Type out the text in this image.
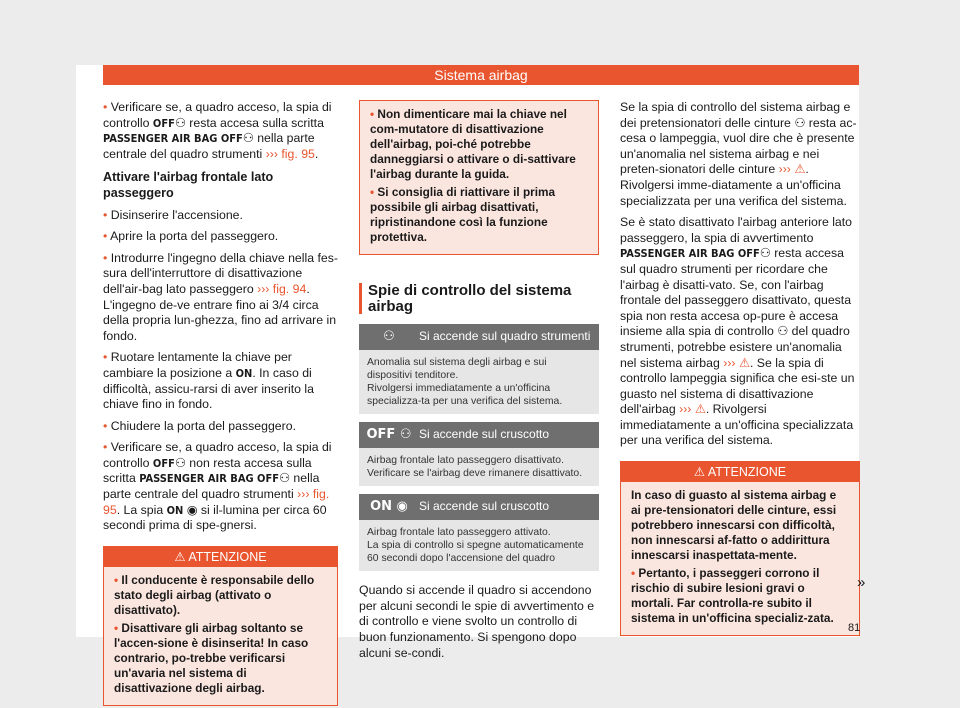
Sistema airbag

• Verificare se, a quadro acceso, la spia di controllo OFF⚇ resta accesa sulla scritta PASSENGER AIR BAG OFF⚇ nella parte centrale del quadro strumenti ››› fig. 95.

Attivare l'airbag frontale lato passeggero

• Disinserire l'accensione.

• Aprire la porta del passeggero.

• Introdurre l'ingegno della chiave nella fes-sura dell'interruttore di disattivazione dell'air-bag lato passeggero ››› fig. 94. L'ingegno de-ve entrare fino ai 3/4 circa della propria lun-ghezza, fino ad arrivare in fondo.

• Ruotare lentamente la chiave per cambiare la posizione a ON. In caso di difficoltà, assicu-rarsi di aver inserito la chiave fino in fondo.

• Chiudere la porta del passeggero.

• Verificare se, a quadro acceso, la spia di controllo OFF⚇ non resta accesa sulla scritta PASSENGER AIR BAG OFF⚇ nella parte centrale del quadro strumenti ››› fig. 95. La spia ON ◉ si il-lumina per circa 60 secondi prima di spe-gnersi.

⚠ ATTENZIONE

• Il conducente è responsabile dello stato degli airbag (attivato o disattivato).

• Disattivare gli airbag soltanto se l'accen-sione è disinserita! In caso contrario, po-trebbe verificarsi un'avaria nel sistema di disattivazione degli airbag.

• Non dimenticare mai la chiave nel com-mutatore di disattivazione dell'airbag, poi-ché potrebbe danneggiarsi o attivare o di-sattivare l'airbag durante la guida.

• Si consiglia di riattivare il prima possibile gli airbag disattivati, ripristinandone così la funzione protettiva.

Spie di controllo del sistema airbag
⚇	Si accende sul quadro strumenti
Anomalia sul sistema degli airbag e sui dispositivi tenditore.
Rivolgersi immediatamente a un'officina specializza-ta per una verifica del sistema.
OFF ⚇ Si accende sul cruscotto
Airbag frontale lato passeggero disattivato.
Verificare se l'airbag deve rimanere disattivato.
ON ◉ Si accende sul cruscotto
Airbag frontale lato passeggero attivato.
La spia di controllo si spegne automaticamente 60 secondi dopo l'accensione del quadro

Quando si accende il quadro si accendono per alcuni secondi le spie di avvertimento e di controllo e viene svolto un controllo di buon funzionamento. Si spengono dopo alcuni se-condi.

Se la spia di controllo del sistema airbag e dei pretensionatori delle cinture ⚇ resta ac-cesa o lampeggia, vuol dire che è presente un'anomalia nel sistema airbag e nei preten-sionatori delle cinture ››› ⚠. Rivolgersi imme-diatamente a un'officina specializzata per una verifica del sistema.

Se è stato disattivato l'airbag anteriore lato passeggero, la spia di avvertimento PASSENGER AIR BAG OFF⚇ resta accesa sul quadro strumenti per ricordare che l'airbag è disatti-vato. Se, con l'airbag frontale del passeggero disattivato, questa spia non resta accesa op-pure è accesa insieme alla spia di controllo ⚇ del quadro strumenti, potrebbe esistere un'anomalia nel sistema airbag ››› ⚠. Se la spia di controllo lampeggia significa che esi-ste un guasto nel sistema di disattivazione dell'airbag ››› ⚠. Rivolgersi immediatamente a un'officina specializzata per una verifica del sistema.

⚠ ATTENZIONE

In caso di guasto al sistema airbag e ai pre-tensionatori delle cinture, essi potrebbero innescarsi con difficoltà, non innescarsi af-fatto o addirittura innescarsi inaspettata-mente.

• Pertanto, i passeggeri corrono il rischio di subire lesioni gravi o mortali. Far controlla-re subito il sistema in un'officina specializ-zata.

»
81
